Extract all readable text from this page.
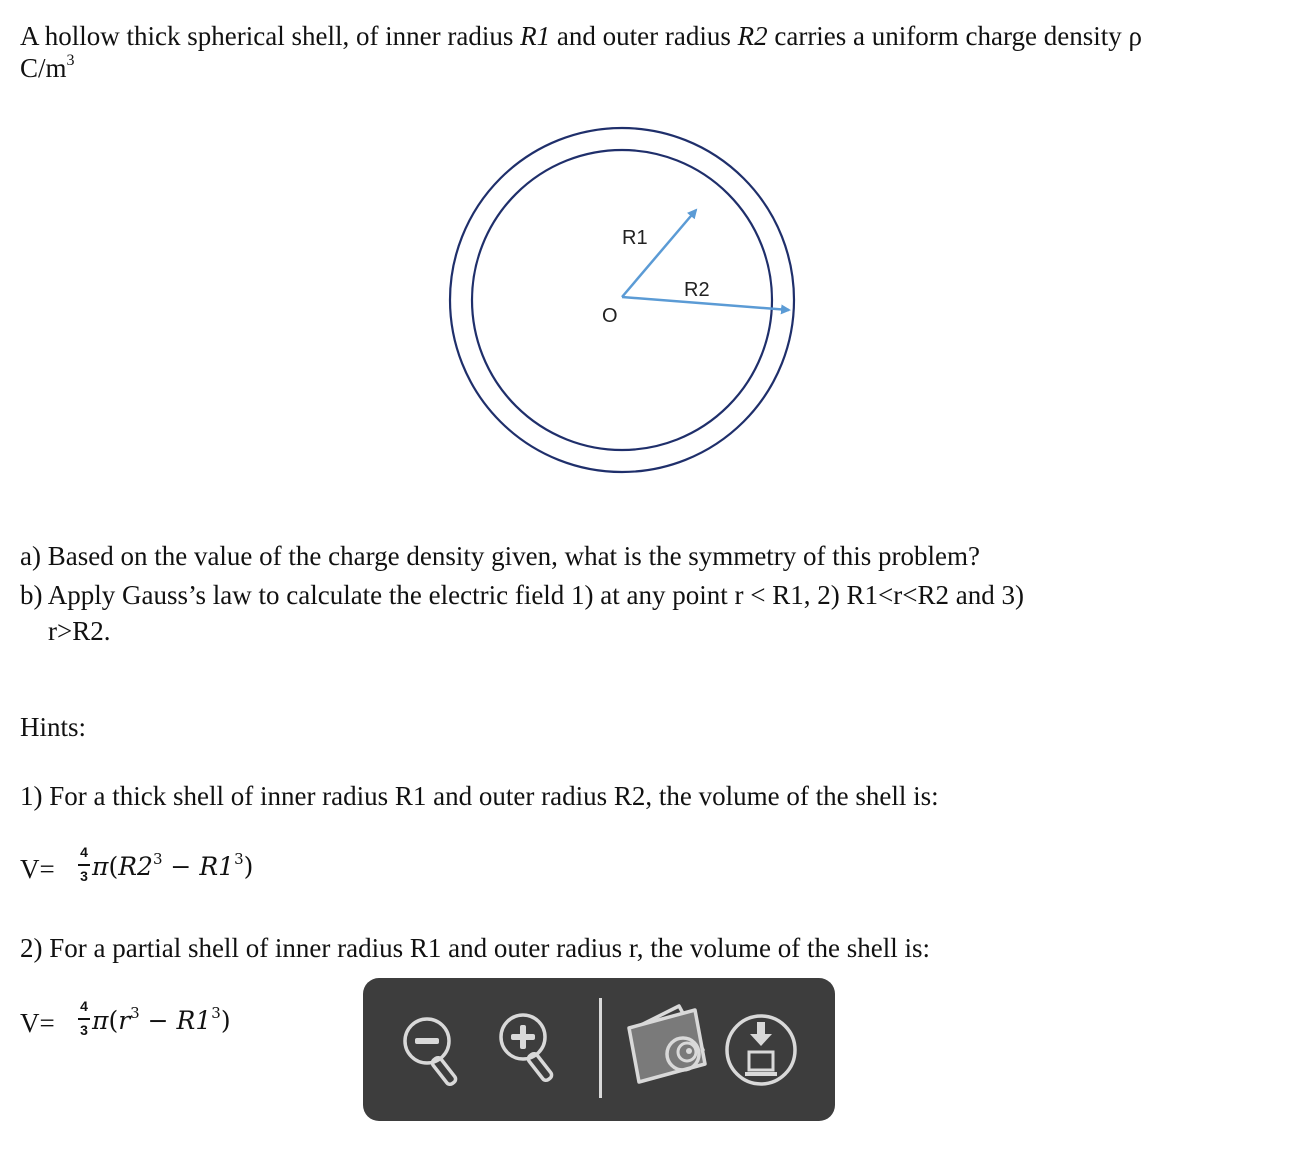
A hollow thick spherical shell, of inner radius R1 and outer radius R2 carries a uniform charge density ρ
$C/m^3$
R1
R2
O
a) Based on the value of the charge density given, what is the symmetry of this problem?
b) Apply Gauss’s law to calculate the electric field 1) at any point r < R1, 2) R1<r<R2 and 3)
r>R2.
Hints:
1) For a thick shell of inner radius R1 and outer radius R2, the volume of the shell is:
V=
4
3 $\pi(R2^3 - R1^3)$
2) For a partial shell of inner radius R1 and outer radius r, the volume of the shell is:
V=
4
3 $\pi(r^3 - R1^3)$
